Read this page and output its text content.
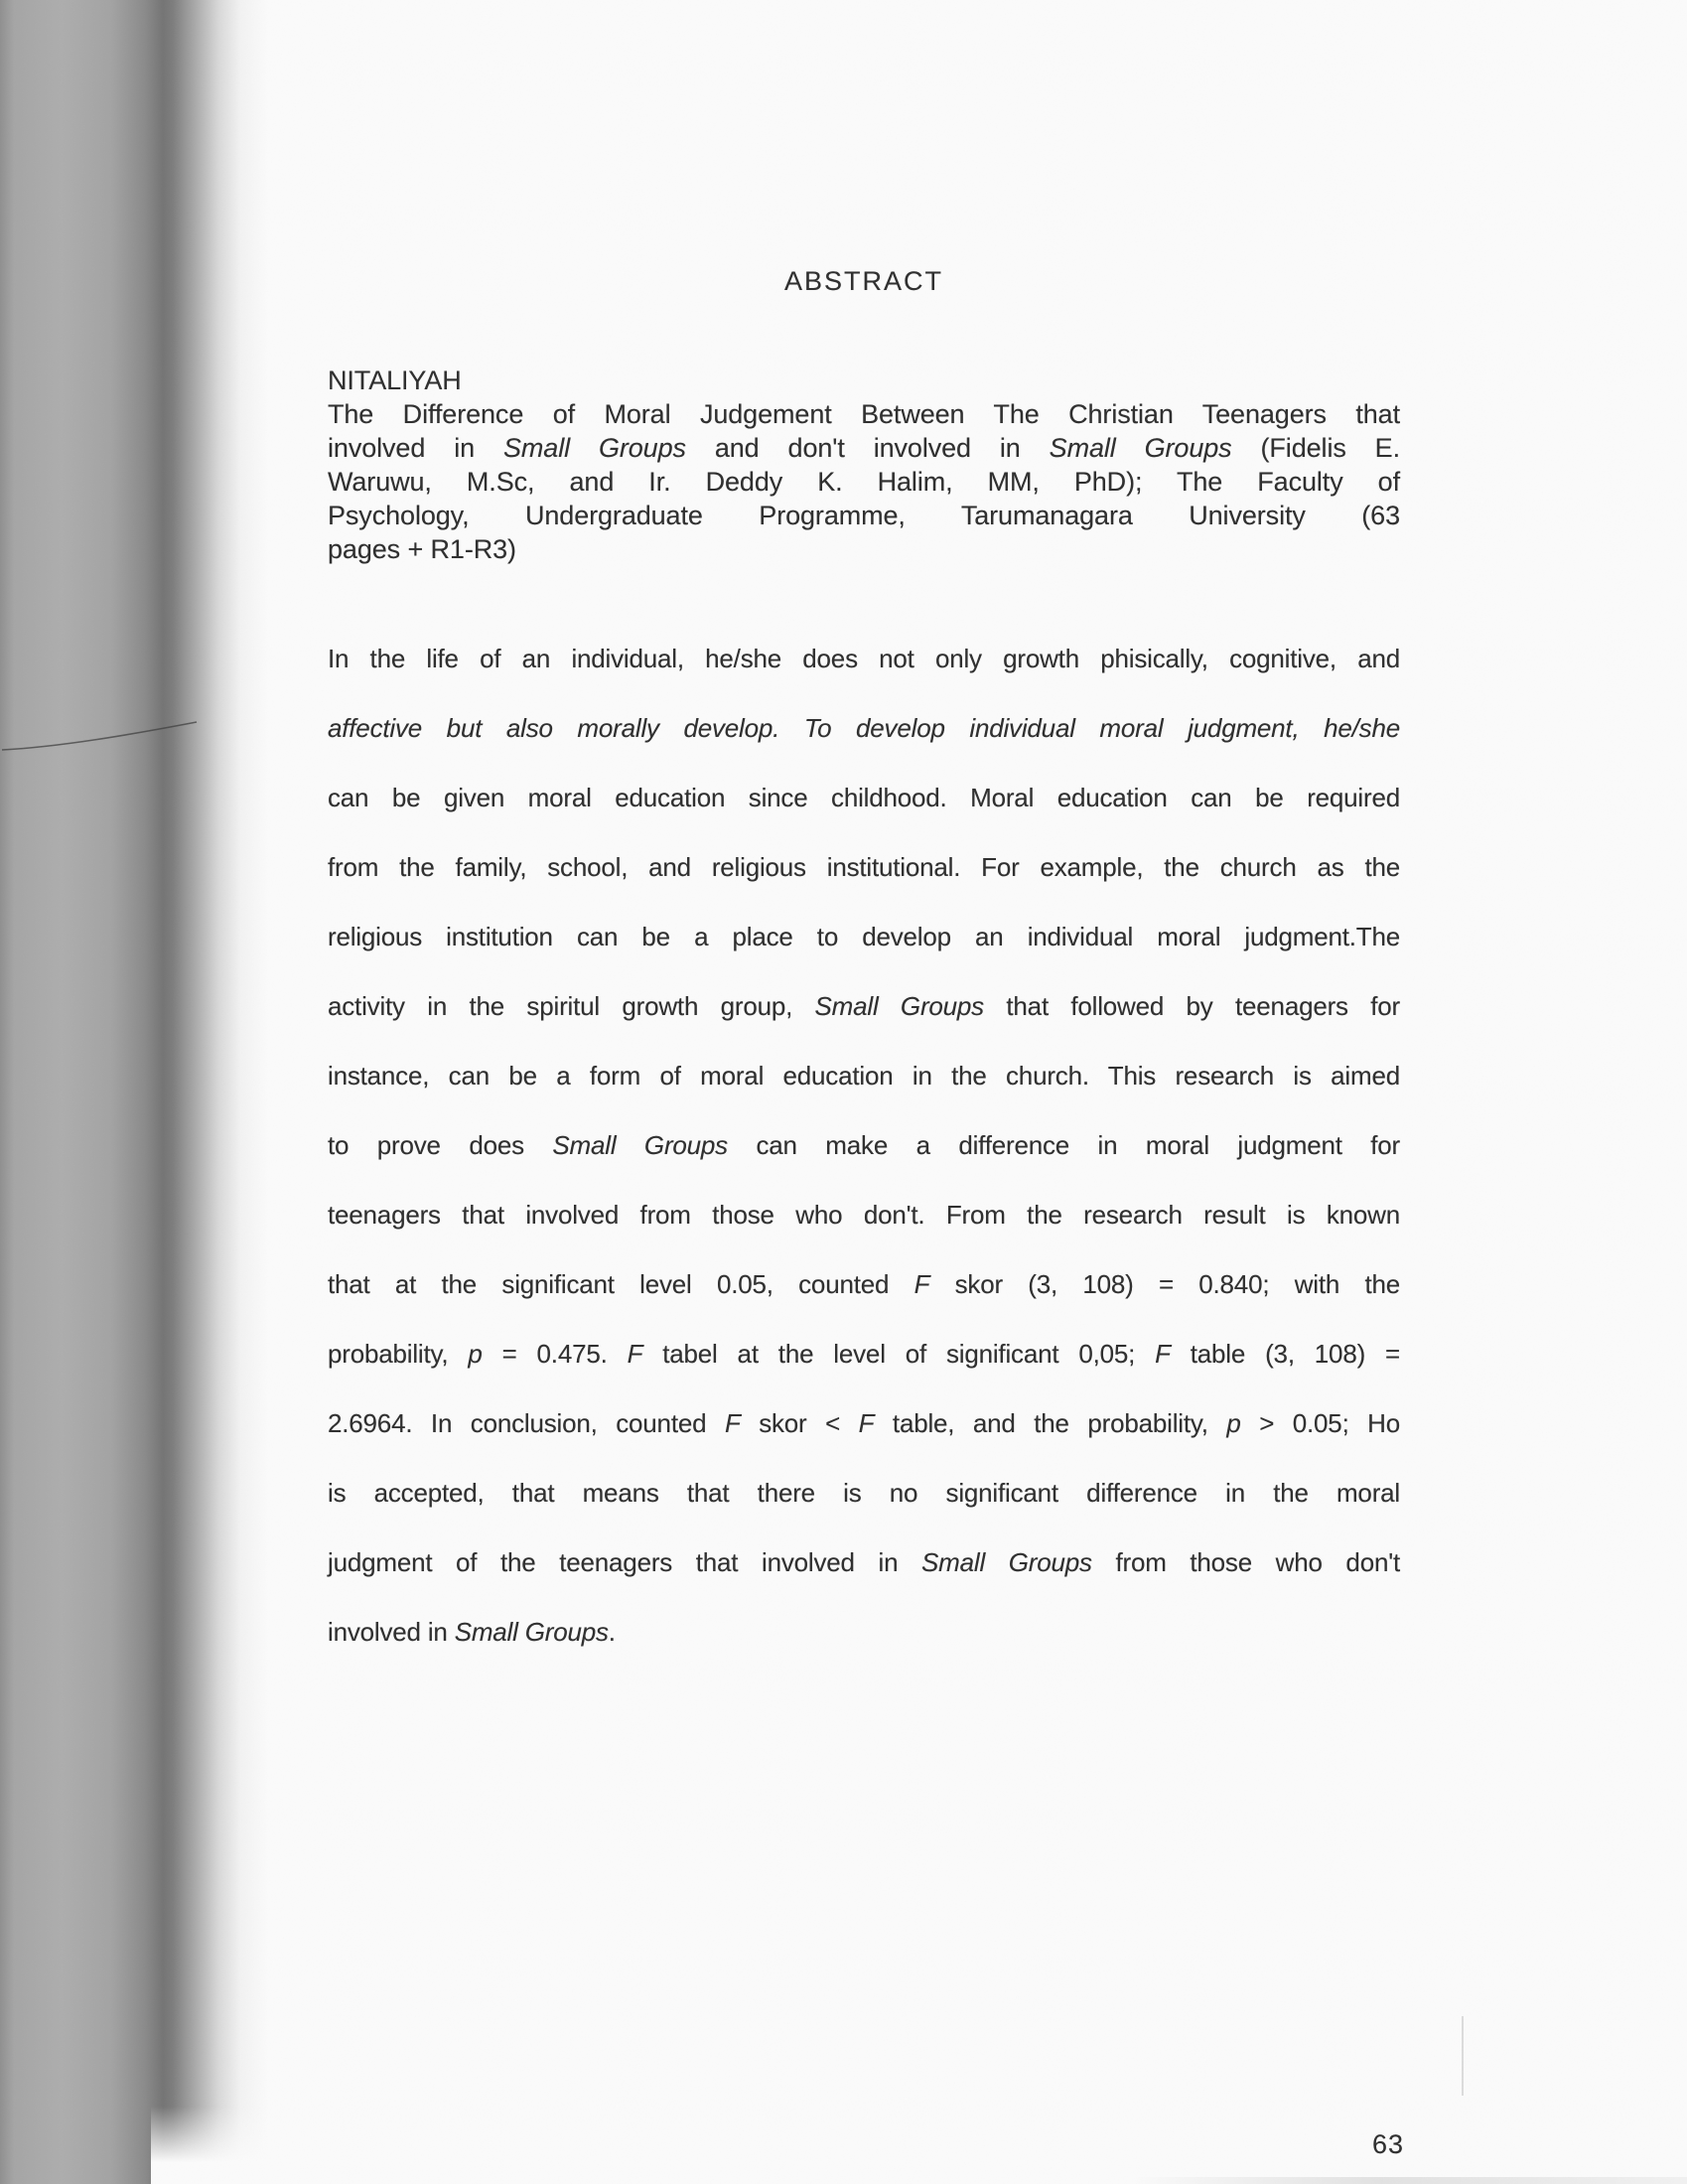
ABSTRACT
NITALIYAH
The Difference of Moral Judgement Between The Christian Teenagers that
involved in Small Groups and don't involved in Small Groups (Fidelis E.
Waruwu, M.Sc, and Ir. Deddy K. Halim, MM, PhD); The Faculty of
Psychology, Undergraduate Programme, Tarumanagara University (63
pages + R1-R3)
In the life of an individual, he/she does not only growth phisically, cognitive, and
affective but also morally develop. To develop individual moral judgment, he/she
can be given moral education since childhood. Moral education can be required
from the family, school, and religious institutional. For example, the church as the
religious institution can be a place to develop an individual moral judgment.The
activity in the spiritul growth group, Small Groups that followed by teenagers for
instance, can be a form of moral education in the church. This research is aimed
to prove does Small Groups can make a difference in moral judgment for
teenagers that involved from those who don't. From the research result is known
that at the significant level 0.05, counted F skor (3, 108) = 0.840; with the
probability, p = 0.475. F tabel at the level of significant 0,05; F table (3, 108) =
2.6964. In conclusion, counted F skor < F table, and the probability, p > 0.05; Ho
is accepted, that means that there is no significant difference in the moral
judgment of the teenagers that involved in Small Groups from those who don't
involved in Small Groups.
63
